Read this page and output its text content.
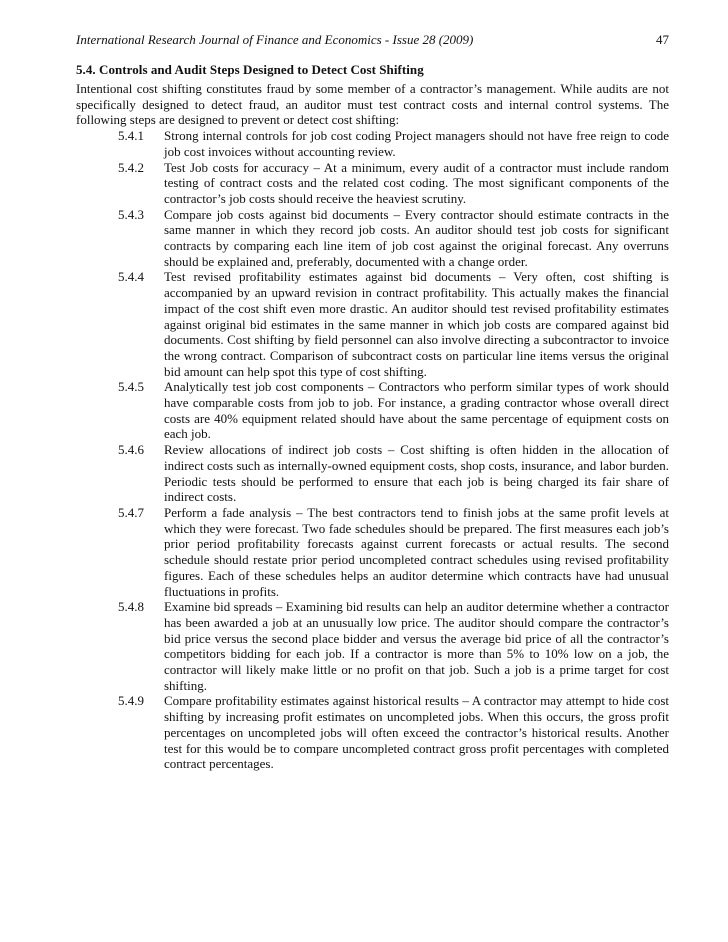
International Research Journal of Finance and Economics - Issue 28 (2009)	47
5.4. Controls and Audit Steps Designed to Detect Cost Shifting
Intentional cost shifting constitutes fraud by some member of a contractor’s management. While audits are not specifically designed to detect fraud, an auditor must test contract costs and internal control systems. The following steps are designed to prevent or detect cost shifting:
5.4.1 Strong internal controls for job cost coding Project managers should not have free reign to code job cost invoices without accounting review.
5.4.2 Test Job costs for accuracy – At a minimum, every audit of a contractor must include random testing of contract costs and the related cost coding. The most significant components of the contractor’s job costs should receive the heaviest scrutiny.
5.4.3 Compare job costs against bid documents – Every contractor should estimate contracts in the same manner in which they record job costs. An auditor should test job costs for significant contracts by comparing each line item of job cost against the original forecast. Any overruns should be explained and, preferably, documented with a change order.
5.4.4 Test revised profitability estimates against bid documents – Very often, cost shifting is accompanied by an upward revision in contract profitability. This actually makes the financial impact of the cost shift even more drastic. An auditor should test revised profitability estimates against original bid estimates in the same manner in which job costs are compared against bid documents. Cost shifting by field personnel can also involve directing a subcontractor to invoice the wrong contract. Comparison of subcontract costs on particular line items versus the original bid amount can help spot this type of cost shifting.
5.4.5 Analytically test job cost components – Contractors who perform similar types of work should have comparable costs from job to job. For instance, a grading contractor whose overall direct costs are 40% equipment related should have about the same percentage of equipment costs on each job.
5.4.6 Review allocations of indirect job costs – Cost shifting is often hidden in the allocation of indirect costs such as internally-owned equipment costs, shop costs, insurance, and labor burden. Periodic tests should be performed to ensure that each job is being charged its fair share of indirect costs.
5.4.7 Perform a fade analysis – The best contractors tend to finish jobs at the same profit levels at which they were forecast. Two fade schedules should be prepared. The first measures each job’s prior period profitability forecasts against current forecasts or actual results. The second schedule should restate prior period uncompleted contract schedules using revised profitability figures. Each of these schedules helps an auditor determine which contracts have had unusual fluctuations in profits.
5.4.8 Examine bid spreads – Examining bid results can help an auditor determine whether a contractor has been awarded a job at an unusually low price. The auditor should compare the contractor’s bid price versus the second place bidder and versus the average bid price of all the contractor’s competitors bidding for each job. If a contractor is more than 5% to 10% low on a job, the contractor will likely make little or no profit on that job. Such a job is a prime target for cost shifting.
5.4.9 Compare profitability estimates against historical results – A contractor may attempt to hide cost shifting by increasing profit estimates on uncompleted jobs. When this occurs, the gross profit percentages on uncompleted jobs will often exceed the contractor’s historical results. Another test for this would be to compare uncompleted contract gross profit percentages with completed contract percentages.
